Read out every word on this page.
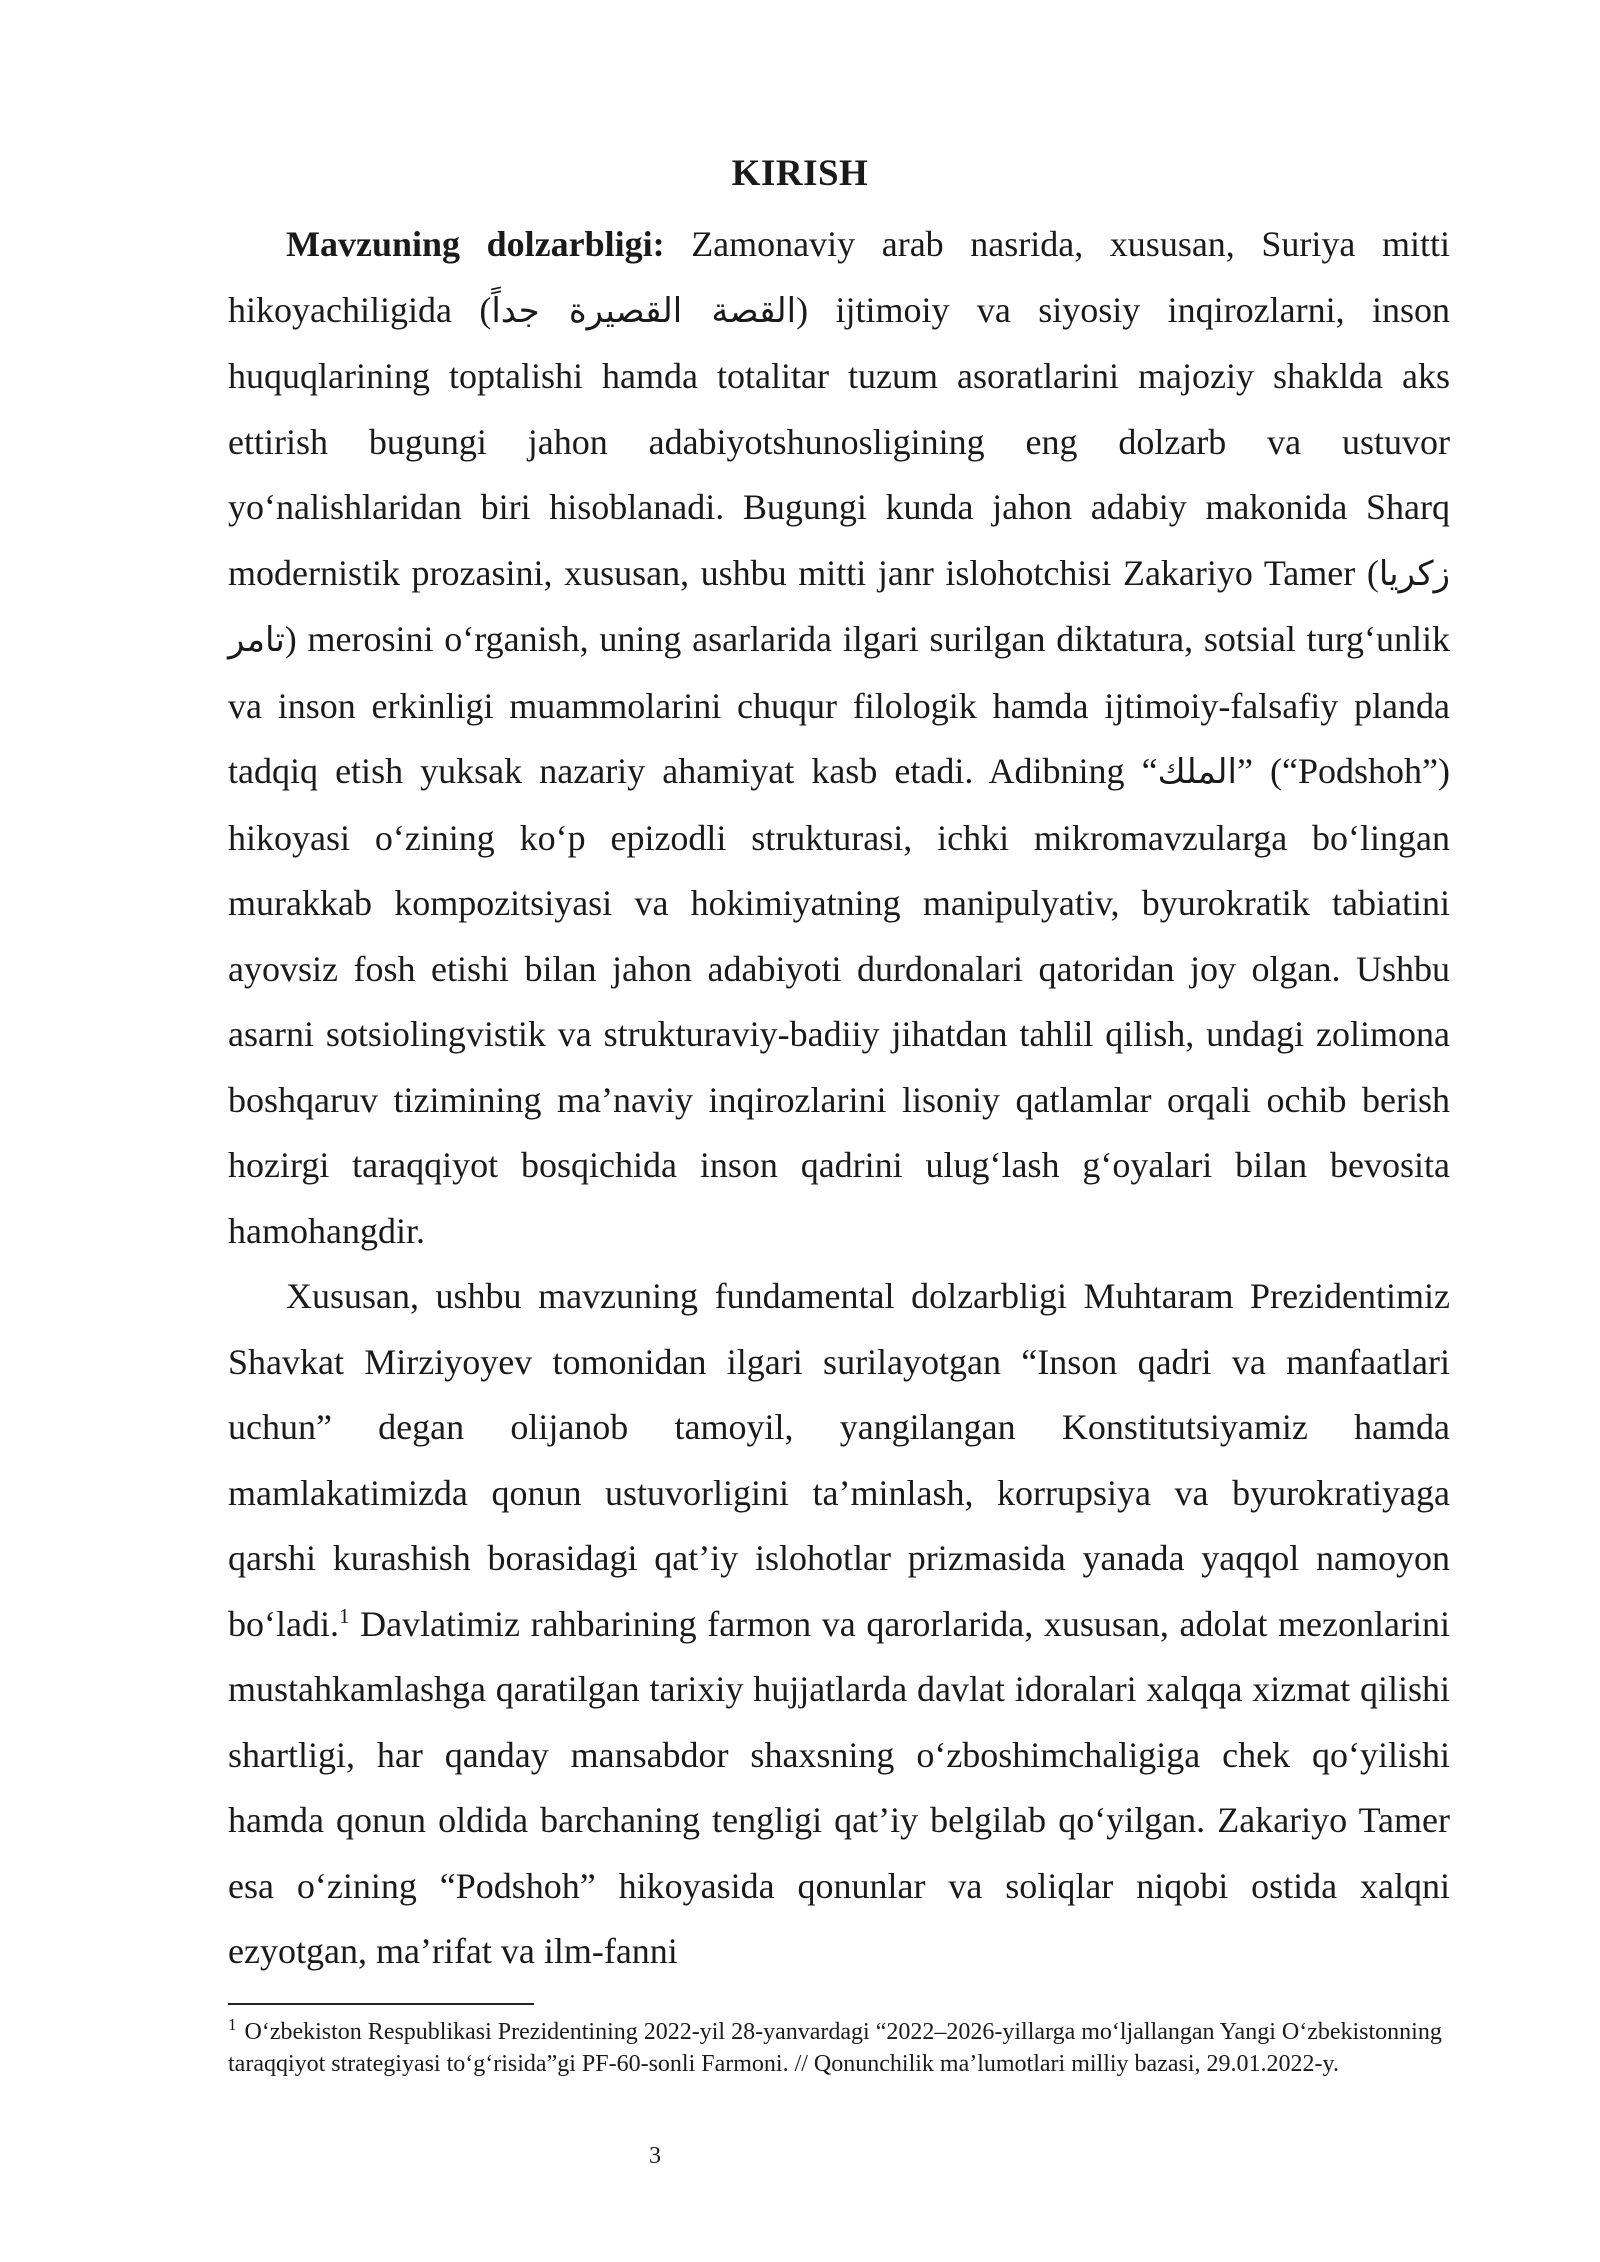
KIRISH

Mavzuning dolzarbligi: Zamonaviy arab nasrida, xususan, Suriya mitti hikoyachiligida (القصة القصيرة جداً) ijtimoiy va siyosiy inqirozlarni, inson huquqlarining toptalishi hamda totalitar tuzum asoratlarini majoziy shaklda aks ettirish bugungi jahon adabiyotshunosligining eng dolzarb va ustuvor yo‘nalishlaridan biri hisoblanadi. Bugungi kunda jahon adabiy makonida Sharq modernistik prozasini, xususan, ushbu mitti janr islohotchisi Zakariyo Tamer (زكريا تامر) merosini o‘rganish, uning asarlarida ilgari surilgan diktatura, sotsial turg‘unlik va inson erkinligi muammolarini chuqur filologik hamda ijtimoiy-falsafiy planda tadqiq etish yuksak nazariy ahamiyat kasb etadi. Adibning “الملك” (“Podshoh”) hikoyasi o‘zining ko‘p epizodli strukturasi, ichki mikromavzularga bo‘lingan murakkab kompozitsiyasi va hokimiyatning manipulyativ, byurokratik tabiatini ayovsiz fosh etishi bilan jahon adabiyoti durdonalari qatoridan joy olgan. Ushbu asarni sotsiolingvistik va strukturaviy-badiiy jihatdan tahlil qilish, undagi zolimona boshqaruv tizimining ma’naviy inqirozlarini lisoniy qatlamlar orqali ochib berish hozirgi taraqqiyot bosqichida inson qadrini ulug‘lash g‘oyalari bilan bevosita hamohangdir.

Xususan, ushbu mavzuning fundamental dolzarbligi Muhtaram Prezidentimiz Shavkat Mirziyoyev tomonidan ilgari surilayotgan “Inson qadri va manfaatlari uchun” degan olijanob tamoyil, yangilangan Konstitutsiyamiz hamda mamlakatimizda qonun ustuvorligini ta’minlash, korrupsiya va byurokratiyaga qarshi kurashish borasidagi qat’iy islohotlar prizmasida yanada yaqqol namoyon bo‘ladi.$^1$ Davlatimiz rahbarining farmon va qarorlarida, xususan, adolat mezonlarini mustahkamlashga qaratilgan tarixiy hujjatlarda davlat idoralari xalqqa xizmat qilishi shartligi, har qanday mansabdor shaxsning o‘zboshimchaligiga chek qo‘yilishi hamda qonun oldida barchaning tengligi qat’iy belgilab qo‘yilgan. Zakariyo Tamer esa o‘zining “Podshoh” hikoyasida qonunlar va soliqlar niqobi ostida xalqni ezyotgan, ma’rifat va ilm-fanni

$^1$ O‘zbekiston Respublikasi Prezidentining 2022-yil 28-yanvardagi “2022–2026-yillarga mo‘ljallangan Yangi O‘zbekistonning taraqqiyot strategiyasi to‘g‘risida”gi PF-60-sonli Farmoni. // Qonunchilik ma’lumotlari milliy bazasi, 29.01.2022-y.
3
